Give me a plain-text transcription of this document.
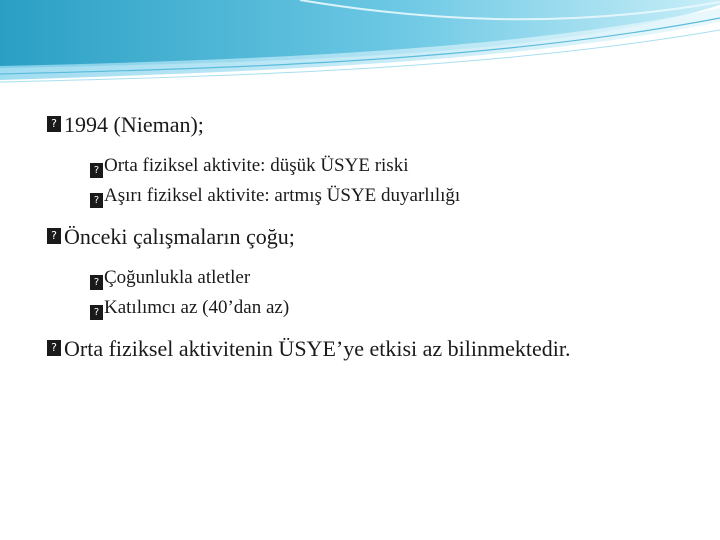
? 1994 (Nieman);
? Orta fiziksel aktivite: düşük ÜSYE riski
? Aşırı fiziksel aktivite: artmış ÜSYE duyarlılığı
? Önceki çalışmaların çoğu;
? Çoğunlukla atletler
? Katılımcı az (40’dan az)
? Orta fiziksel aktivitenin ÜSYE’ye etkisi az bilinmektedir.
